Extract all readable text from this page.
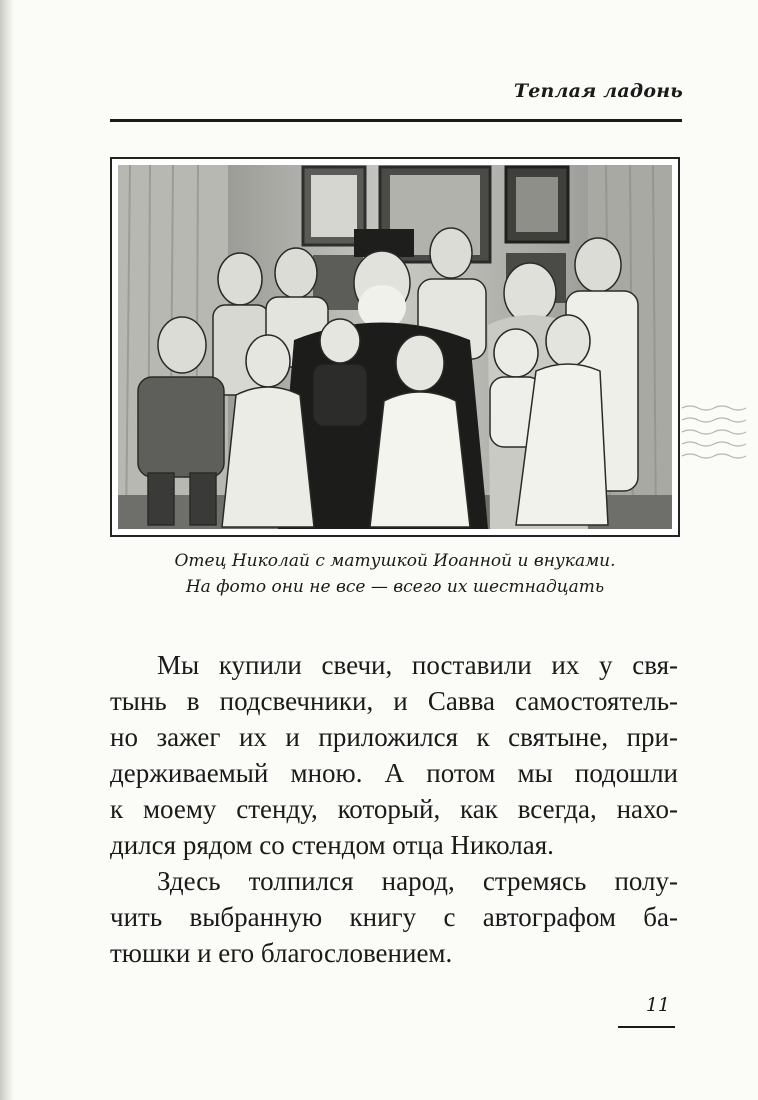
Теплая ладонь
Отец Николай с матушкой Иоанной и внуками.
На фото они не все — всего их шестнадцать
Мы купили свечи, поставили их у свя-
тынь в подсвечники, и Савва самостоятель-
но зажег их и приложился к святыне, при-
держиваемый мною. А потом мы подошли
к моему стенду, который, как всегда, нахо-
дился рядом со стендом отца Николая.
Здесь толпился народ, стремясь полу-
чить выбранную книгу с автографом ба-
тюшки и его благословением.
11
